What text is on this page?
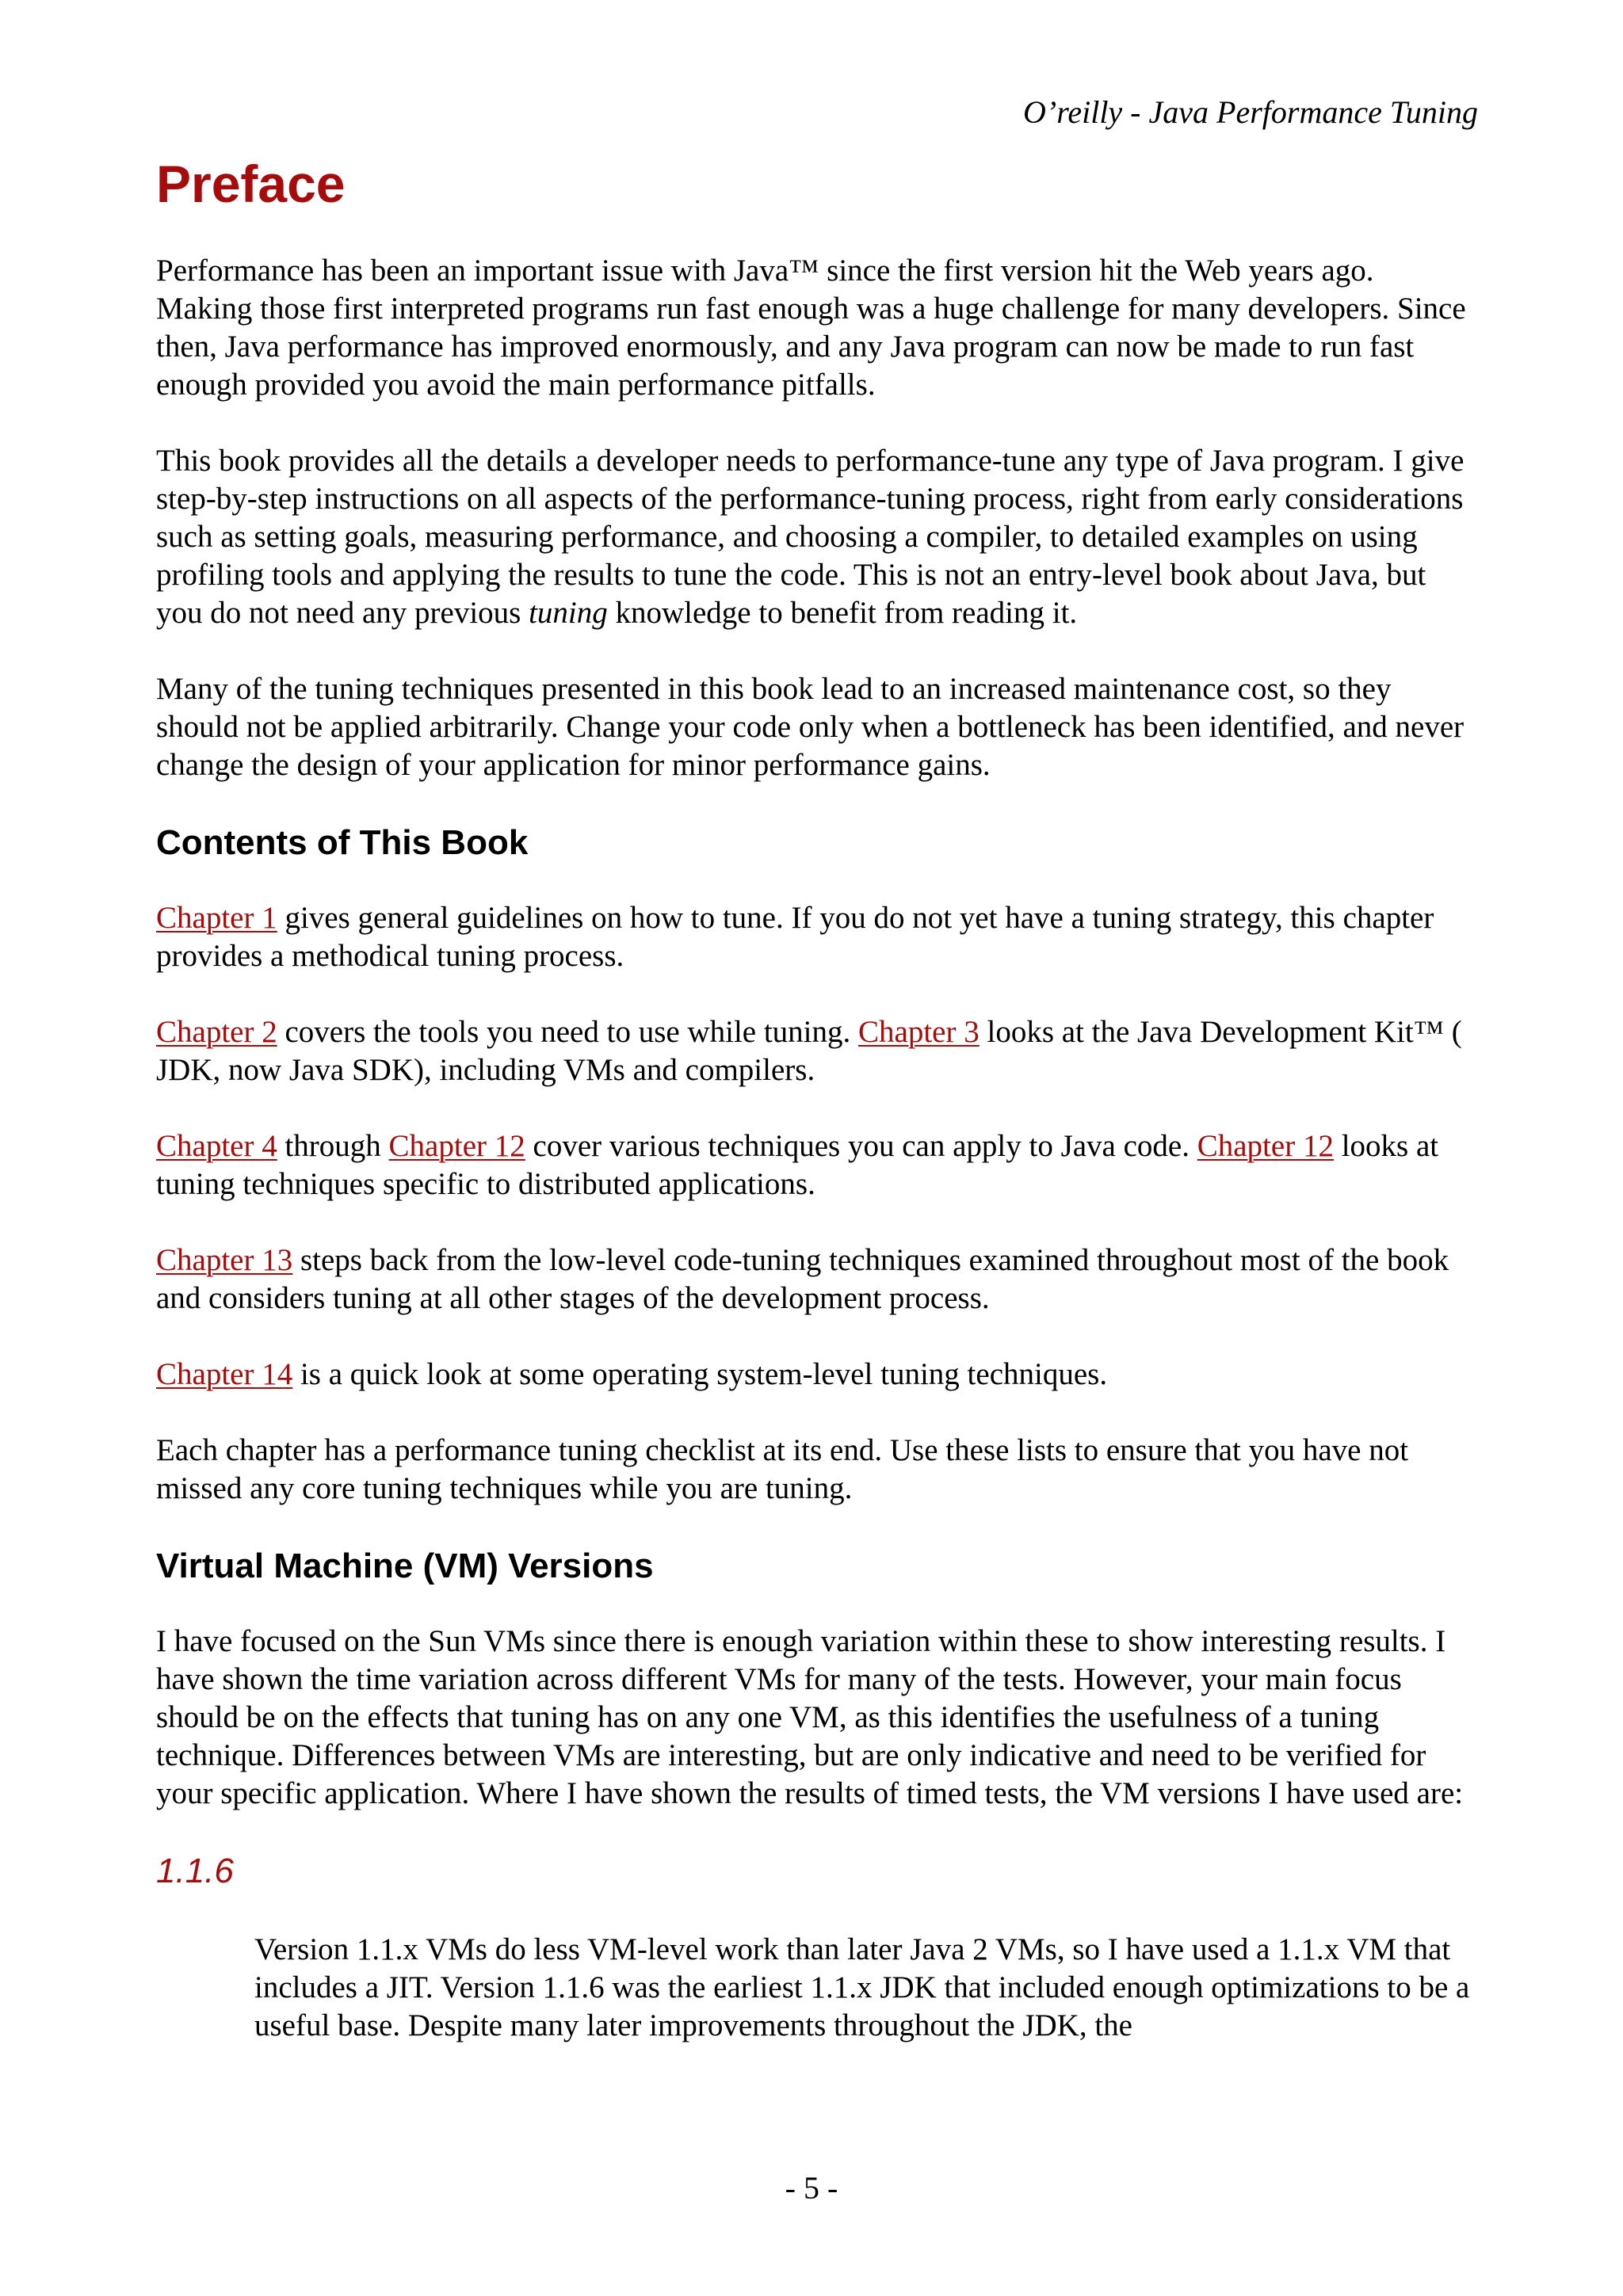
O’reilly - Java Performance Tuning
Preface

Performance has been an important issue with Java™ since the first version hit the Web years ago. Making those first interpreted programs run fast enough was a huge challenge for many developers. Since then, Java performance has improved enormously, and any Java program can now be made to run fast enough provided you avoid the main performance pitfalls.

This book provides all the details a developer needs to performance-tune any type of Java program. I give step-by-step instructions on all aspects of the performance-tuning process, right from early considerations such as setting goals, measuring performance, and choosing a compiler, to detailed examples on using profiling tools and applying the results to tune the code. This is not an entry-level book about Java, but you do not need any previous tuning knowledge to benefit from reading it.

Many of the tuning techniques presented in this book lead to an increased maintenance cost, so they should not be applied arbitrarily. Change your code only when a bottleneck has been identified, and never change the design of your application for minor performance gains.

Contents of This Book

Chapter 1 gives general guidelines on how to tune. If you do not yet have a tuning strategy, this chapter provides a methodical tuning process.

Chapter 2 covers the tools you need to use while tuning. Chapter 3 looks at the Java Development Kit™ ( JDK, now Java SDK), including VMs and compilers.

Chapter 4 through Chapter 12 cover various techniques you can apply to Java code. Chapter 12 looks at tuning techniques specific to distributed applications.

Chapter 13 steps back from the low-level code-tuning techniques examined throughout most of the book and considers tuning at all other stages of the development process.

Chapter 14 is a quick look at some operating system-level tuning techniques.

Each chapter has a performance tuning checklist at its end. Use these lists to ensure that you have not missed any core tuning techniques while you are tuning.

Virtual Machine (VM) Versions

I have focused on the Sun VMs since there is enough variation within these to show interesting results. I have shown the time variation across different VMs for many of the tests. However, your main focus should be on the effects that tuning has on any one VM, as this identifies the usefulness of a tuning technique. Differences between VMs are interesting, but are only indicative and need to be verified for your specific application. Where I have shown the results of timed tests, the VM versions I have used are:

1.1.6

Version 1.1.x VMs do less VM-level work than later Java 2 VMs, so I have used a 1.1.x VM that includes a JIT. Version 1.1.6 was the earliest 1.1.x JDK that included enough optimizations to be a useful base. Despite many later improvements throughout the JDK, the

- 5 -
